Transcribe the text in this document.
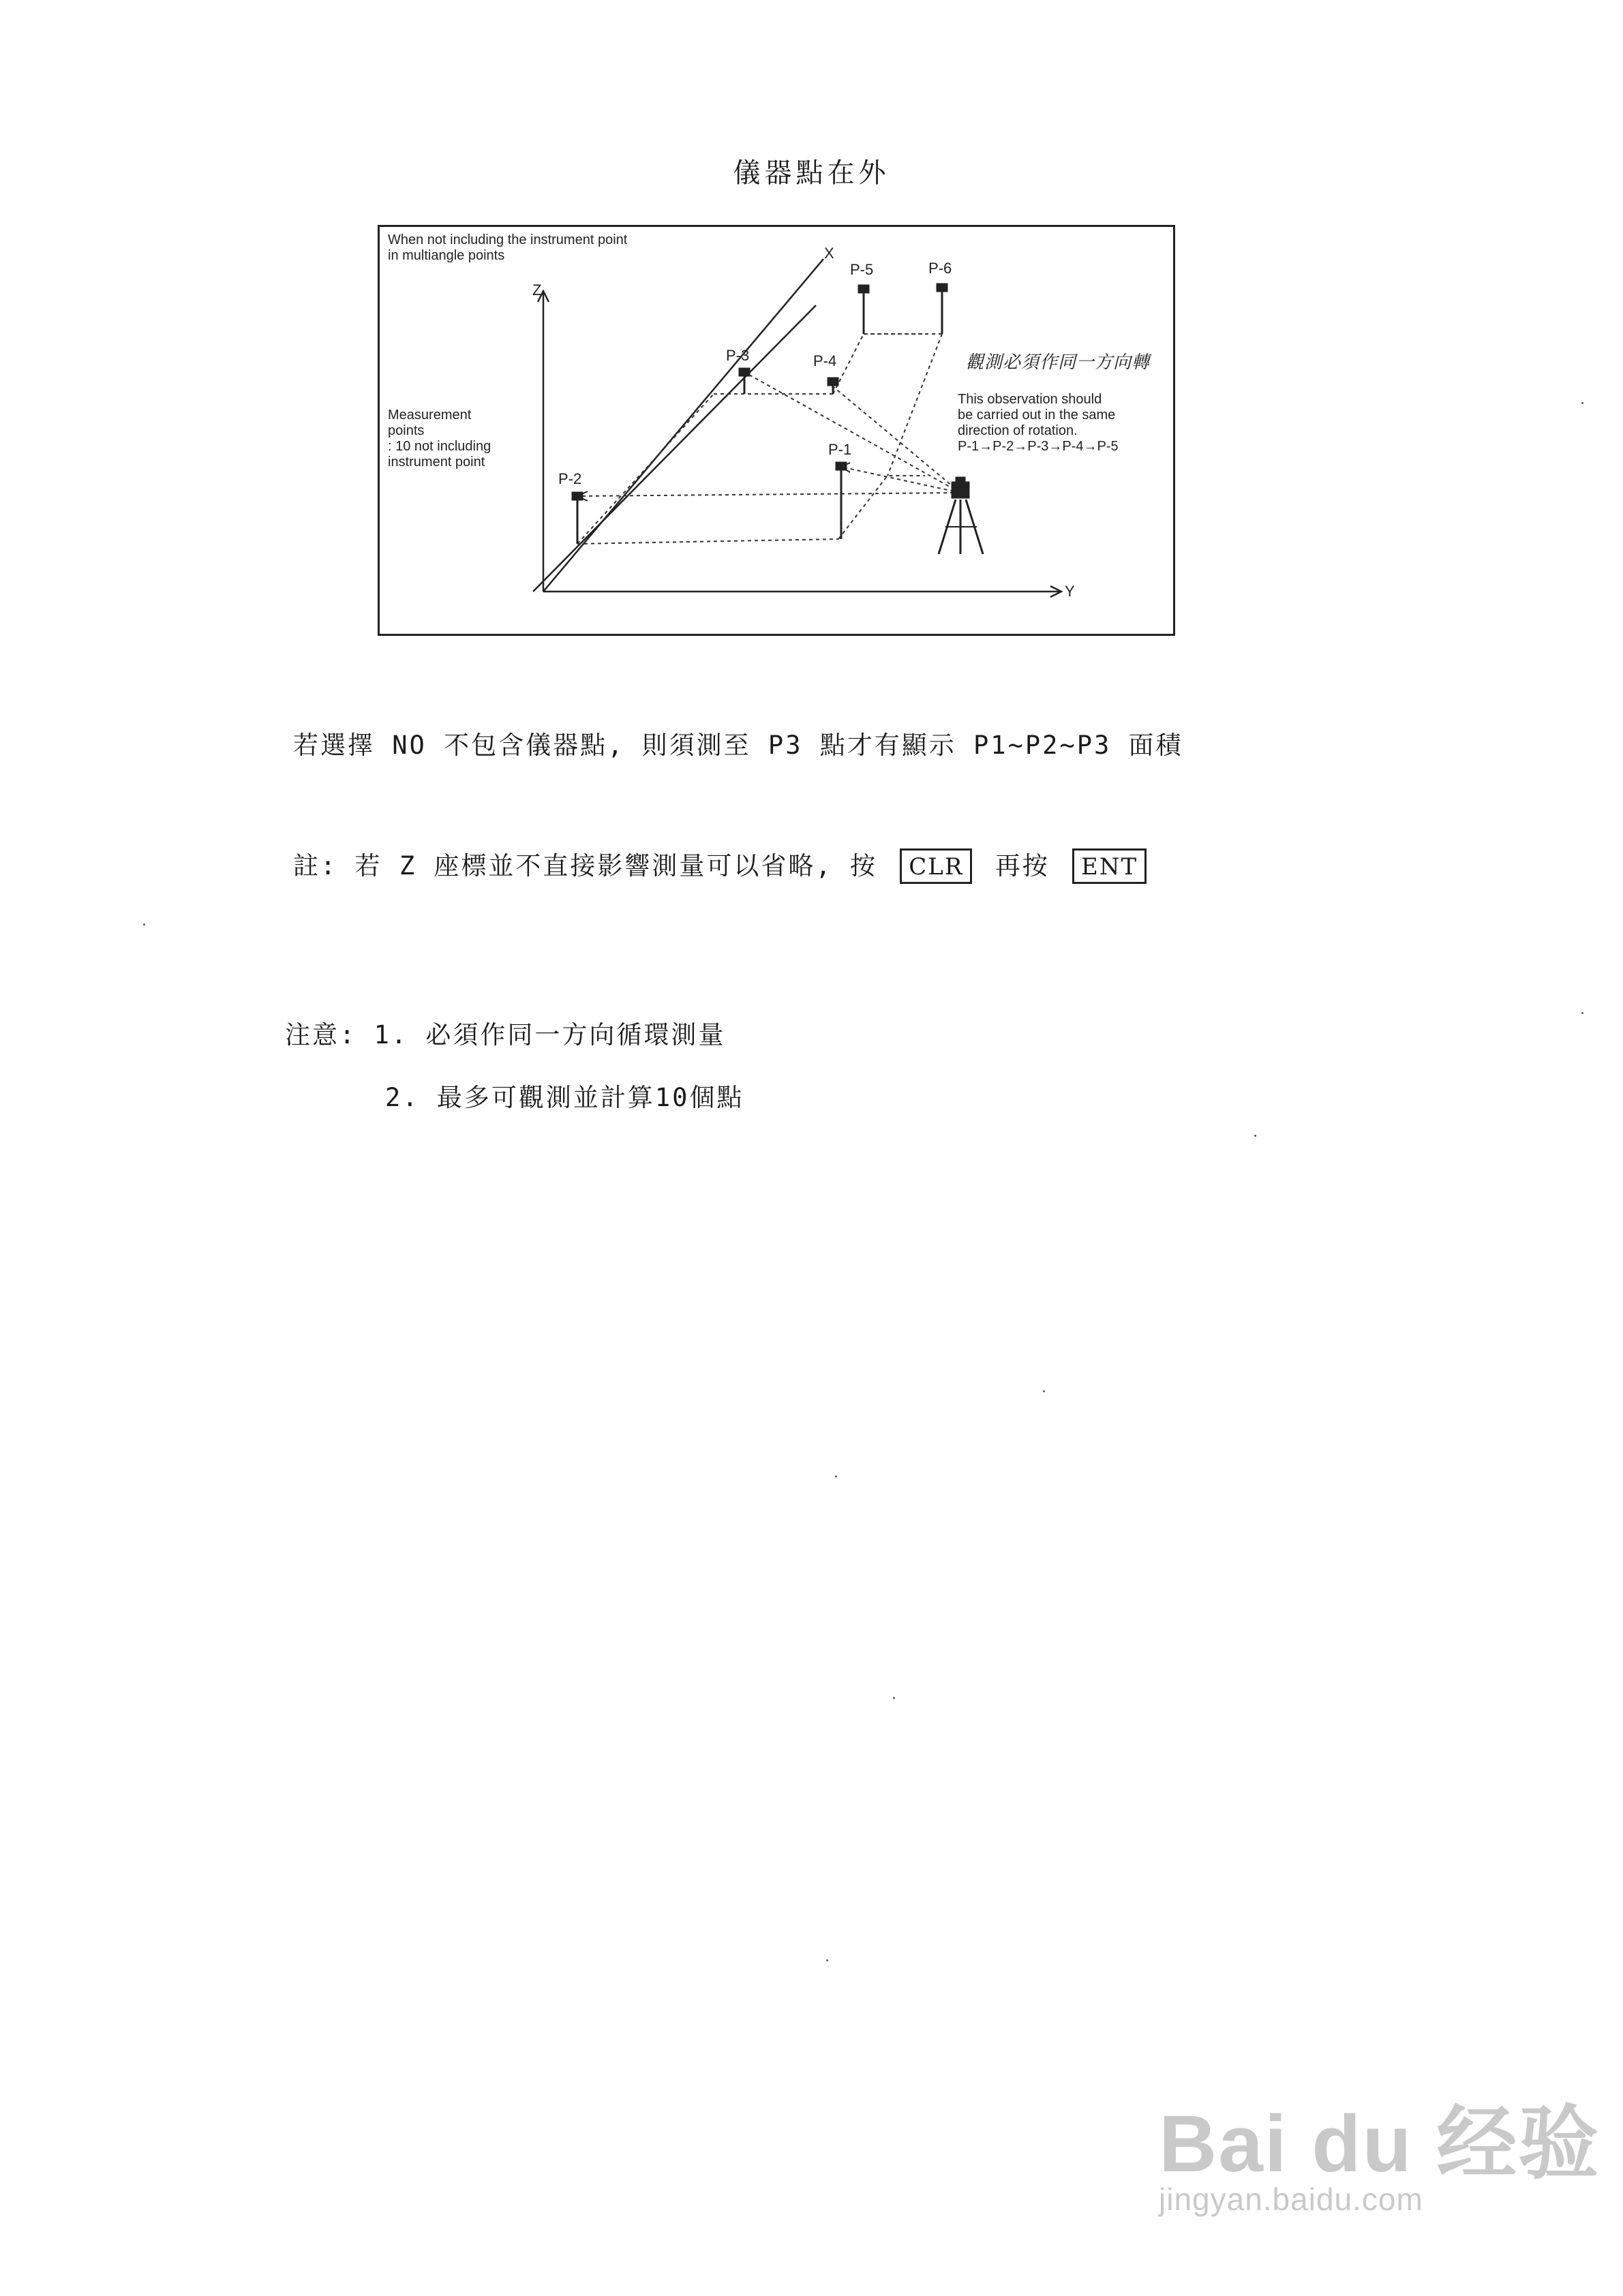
儀器點在外
When not including the instrument point
in multiangle points
Measurement
points
: 10 not including
instrument point
觀測必須作同一方向轉
This observation should
be carried out in the same
direction of rotation.
P-1→P-2→P-3→P-4→P-5
Z
X
Y
P-1
P-2
P-3	P-4
P-5	P-6
若選擇 NO 不包含儀器點, 則須測至 P3 點才有顯示 P1~P2~P3 面積
註: 若 Z 座標並不直接影響測量可以省略, 按 CLR 再按 ENT
注意: 1. 必須作同一方向循環測量
2. 最多可觀測並計算10個點
Bai du 经验
jingyan.baidu.com
